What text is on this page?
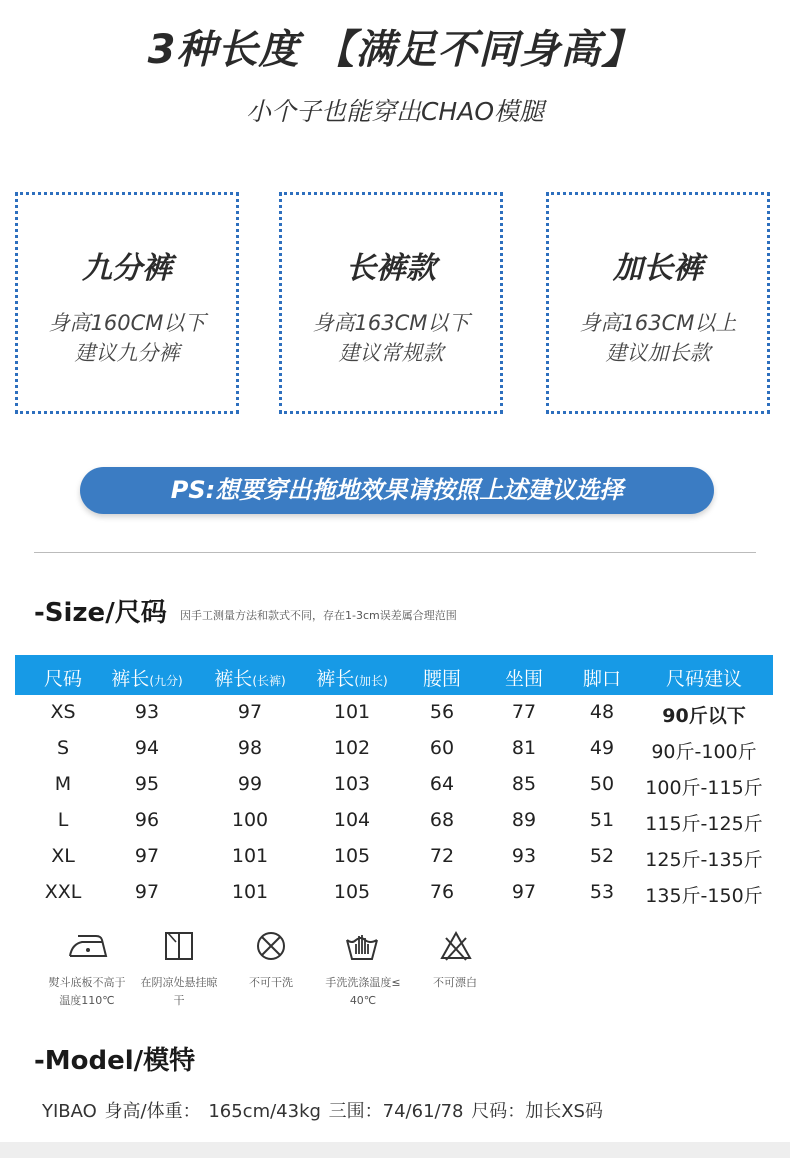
3种长度 【满足不同身高】
小个子也能穿出CHAO模腿
九分裤
身高160CM以下
建议九分裤
长裤款
身高163CM以下
建议常规款
加长裤
身高163CM以上
建议加长款
PS:想要穿出拖地效果请按照上述建议选择
-Size/尺码 因手工测量方法和款式不同，存在1-3cm误差属合理范围
尺码	裤长(九分)	裤长(长裤)	裤长(加长)	腰围	坐围	脚口	尺码建议
XS	93	97	101	56	77	48	90斤以下
S	94	98	102	60	81	49	90斤-100斤
M	95	99	103	64	85	50	100斤-115斤
L	96	100	104	68	89	51	115斤-125斤
XL	97	101	105	72	93	52	125斤-135斤
XXL	97	101	105	76	97	53	135斤-150斤
熨斗底板不高于
温度110℃
在阴凉处悬挂晾
干
不可干洗	手洗洗涤温度≤
40℃
不可漂白
-Model/模特
YIBAO 身高/体重： 165cm/43kg 三围：74/61/78 尺码：加长XS码
